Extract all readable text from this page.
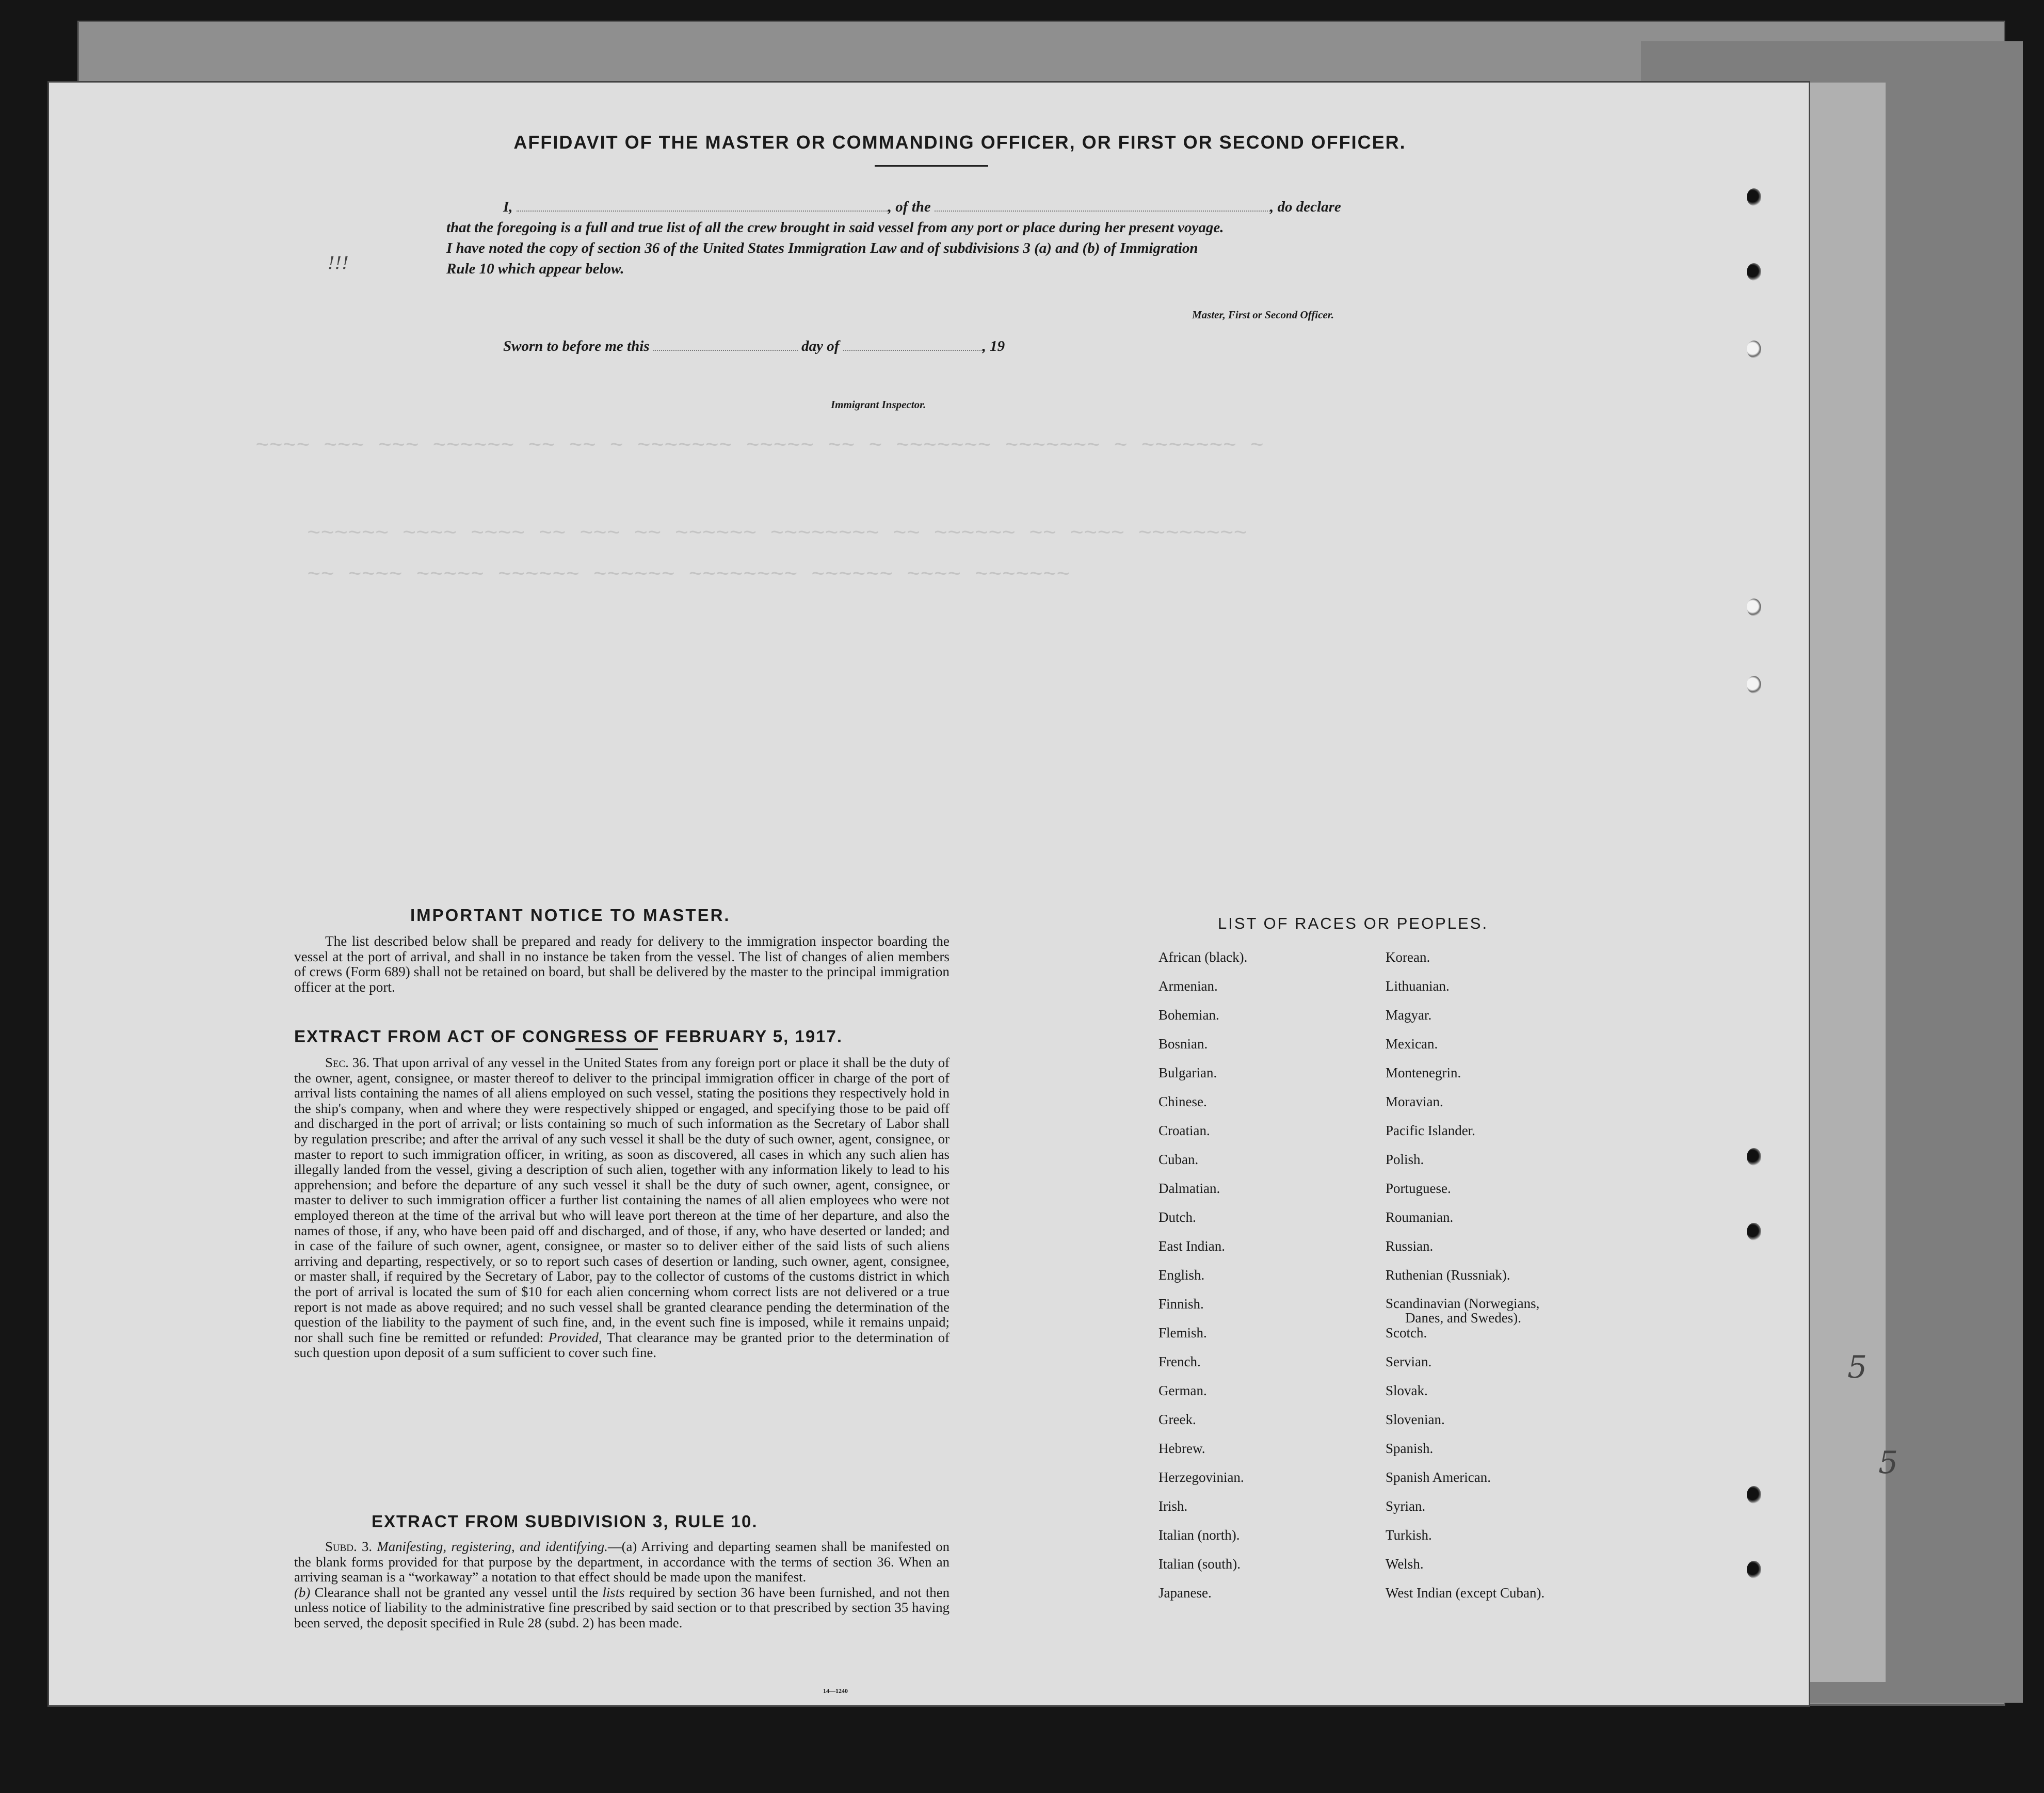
AFFIDAVIT OF THE MASTER OR COMMANDING OFFICER, OR FIRST OR SECOND OFFICER.
I,	, of the	, do declare
that the foregoing is a full and true list of all the crew brought in said vessel from any port or place during her present voyage.
I have noted the copy of section 36 of the United States Immigration Law and of subdivisions 3 (a) and (b) of Immigration
Rule 10 which appear below.
Master, First or Second Officer.
Sworn to before me this	day of	, 19
Immigrant Inspector.
~~~~ ~~~ ~~~ ~~~~~~ ~~ ~~ ~ ~~~~~~~ ~~~~~ ~~ ~ ~~~~~~~ ~~~~~~~ ~ ~~~~~~~ ~
~~~~~~ ~~~~ ~~~~ ~~ ~~~ ~~ ~~~~~~ ~~~~~~~~ ~~ ~~~~~~ ~~ ~~~~ ~~~~~~~~
~~ ~~~~ ~~~~~ ~~~~~~ ~~~~~~ ~~~~~~~~ ~~~~~~ ~~~~ ~~~~~~~
!!!
IMPORTANT NOTICE TO MASTER.

The list described below shall be prepared and ready for delivery to the immigration inspector boarding the vessel at the port of arrival, and shall in no instance be taken from the vessel. The list of changes of alien members of crews (Form 689) shall not be retained on board, but shall be delivered by the master to the principal immigration officer at the port.

EXTRACT FROM ACT OF CONGRESS OF FEBRUARY 5, 1917.

Sec. 36. That upon arrival of any vessel in the United States from any foreign port or place it shall be the duty of the owner, agent, consignee, or master thereof to deliver to the principal immigration officer in charge of the port of arrival lists containing the names of all aliens employed on such vessel, stating the positions they respectively hold in the ship's company, when and where they were respectively shipped or engaged, and specifying those to be paid off and discharged in the port of arrival; or lists containing so much of such information as the Secretary of Labor shall by regulation prescribe; and after the arrival of any such vessel it shall be the duty of such owner, agent, consignee, or master to report to such immigration officer, in writing, as soon as discovered, all cases in which any such alien has illegally landed from the vessel, giving a description of such alien, together with any information likely to lead to his apprehension; and before the departure of any such vessel it shall be the duty of such owner, agent, consignee, or master to deliver to such immigration officer a further list containing the names of all alien employees who were not employed thereon at the time of the arrival but who will leave port thereon at the time of her departure, and also the names of those, if any, who have been paid off and discharged, and of those, if any, who have deserted or landed; and in case of the failure of such owner, agent, consignee, or master so to deliver either of the said lists of such aliens arriving and departing, respectively, or so to report such cases of desertion or landing, such owner, agent, consignee, or master shall, if required by the Secretary of Labor, pay to the collector of customs of the customs district in which the port of arrival is located the sum of $10 for each alien concerning whom correct lists are not delivered or a true report is not made as above required; and no such vessel shall be granted clearance pending the determination of the question of the liability to the payment of such fine, and, in the event such fine is imposed, while it remains unpaid; nor shall such fine be remitted or refunded: Provided, That clearance may be granted prior to the determination of such question upon deposit of a sum sufficient to cover such fine.

EXTRACT FROM SUBDIVISION 3, RULE 10.

Subd. 3. Manifesting, registering, and identifying.—(a) Arriving and departing seamen shall be manifested on the blank forms provided for that purpose by the department, in accordance with the terms of section 36. When an arriving seaman is a “workaway” a notation to that effect should be made upon the manifest.
(b) Clearance shall not be granted any vessel until the lists required by section 36 have been furnished, and not then unless notice of liability to the administrative fine prescribed by said section or to that prescribed by section 35 having been served, the deposit specified in Rule 28 (subd. 2) has been made.

14—1240
LIST OF RACES OR PEOPLES.
African (black).
Armenian.
Bohemian.
Bosnian.
Bulgarian.
Chinese.
Croatian.
Cuban.
Dalmatian.
Dutch.
East Indian.
English.
Finnish.
Flemish.
French.
German.
Greek.
Hebrew.
Herzegovinian.
Irish.
Italian (north).
Italian (south).
Japanese.
Korean.
Lithuanian.
Magyar.
Mexican.
Montenegrin.
Moravian.
Pacific Islander.
Polish.
Portuguese.
Roumanian.
Russian.
Ruthenian (Russniak).
Scandinavian (Norwegians,
Danes, and Swedes).
Scotch.
Servian.
Slovak.
Slovenian.
Spanish.
Spanish American.
Syrian.
Turkish.
Welsh.
West Indian (except Cuban).
5
5
